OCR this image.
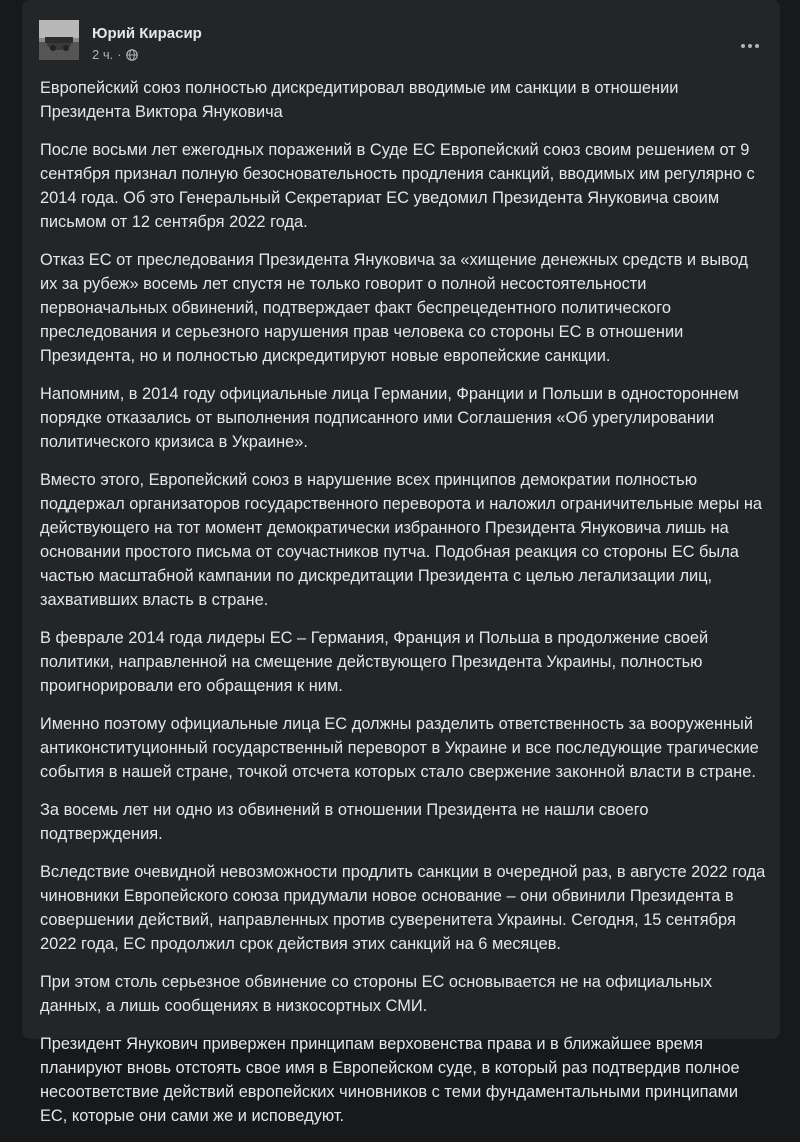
Юрий Кирасир
2 ч. ·

Европейский союз полностью дискредитировал вводимые им санкции в отношении Президента Виктора Януковича

После восьми лет ежегодных поражений в Суде ЕС Европейский союз своим решением от 9 сентября признал полную безосновательность продления санкций, вводимых им регулярно с 2014 года. Об это Генеральный Секретариат ЕС уведомил Президента Януковича своим письмом от 12 сентября 2022 года.

Отказ ЕС от преследования Президента Януковича за «хищение денежных средств и вывод их за рубеж» восемь лет спустя не только говорит о полной несостоятельности первоначальных обвинений, подтверждает факт беспрецедентного политического преследования и серьезного нарушения прав человека со стороны ЕС в отношении Президента, но и полностью дискредитируют новые европейские санкции.

Напомним, в 2014 году официальные лица Германии, Франции и Польши в одностороннем порядке отказались от выполнения подписанного ими Соглашения «Об урегулировании политического кризиса в Украине».

Вместо этого, Европейский союз в нарушение всех принципов демократии полностью поддержал организаторов государственного переворота и наложил ограничительные меры на действующего на тот момент демократически избранного Президента Януковича лишь на основании простого письма от соучастников путча. Подобная реакция со стороны ЕС была частью масштабной кампании по дискредитации Президента с целью легализации лиц, захвативших власть в стране.

В феврале 2014 года лидеры ЕС – Германия, Франция и Польша в продолжение своей политики, направленной на смещение действующего Президента Украины, полностью проигнорировали его обращения к ним.

Именно поэтому официальные лица ЕС должны разделить ответственность за вооруженный антиконституционный государственный переворот в Украине и все последующие трагические события в нашей стране, точкой отсчета которых стало свержение законной власти в стране.

За восемь лет ни одно из обвинений в отношении Президента не нашли своего подтверждения.

Вследствие очевидной невозможности продлить санкции в очередной раз, в августе 2022 года чиновники Европейского союза придумали новое основание – они обвинили Президента в совершении действий, направленных против суверенитета Украины. Сегодня, 15 сентября 2022 года, ЕС продолжил срок действия этих санкций на 6 месяцев.

При этом столь серьезное обвинение со стороны ЕС основывается не на официальных данных, а лишь сообщениях в низкосортных СМИ.

Президент Янукович привержен принципам верховенства права и в ближайшее время планируют вновь отстоять свое имя в Европейском суде, в который раз подтвердив полное несоответствие действий европейских чиновников с теми фундаментальными принципами ЕС, которые они сами же и исповедуют.
